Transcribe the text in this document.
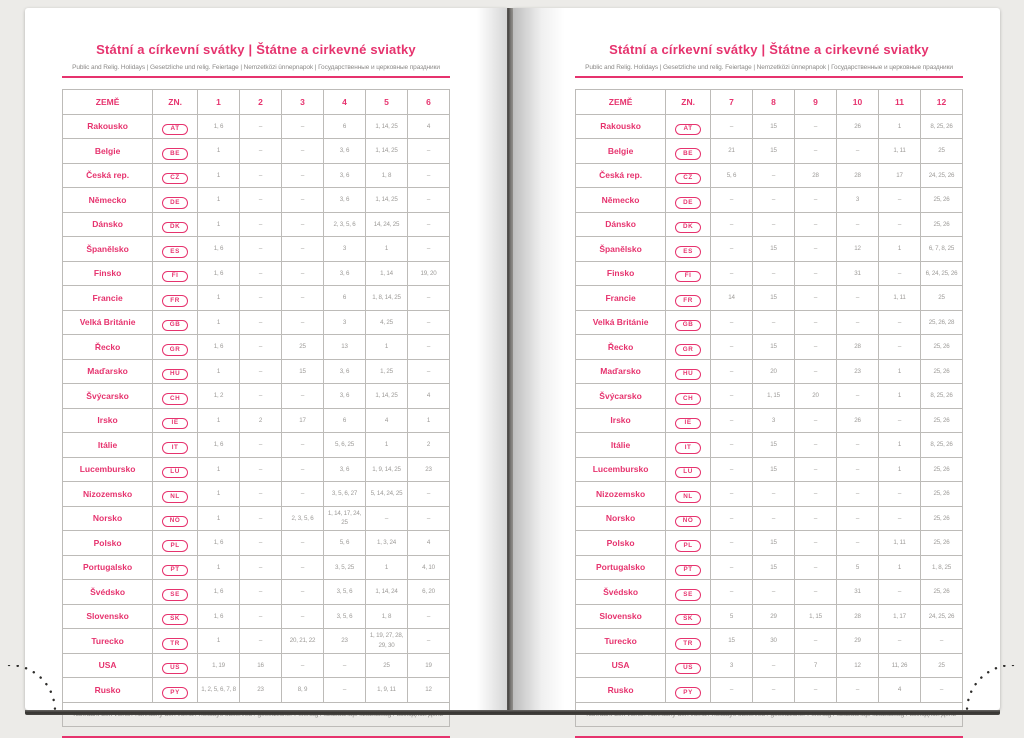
Státní a církevní svátky | Štátne a cirkevné sviatky

Public and Relig. Holidays | Gesetzliche und relig. Feiertage | Nemzetközi ünnepnapok | Государственные и церковные праздники

ZEMĚ	ZN.	1	2	3	4	5	6
Rakousko	AT	1, 6	–	–	6	1, 14, 25	4
Belgie	BE	1	–	–	3, 6	1, 14, 25	–
Česká rep.	CZ	1	–	–	3, 6	1, 8	–
Německo	DE	1	–	–	3, 6	1, 14, 25	–
Dánsko	DK	1	–	–	2, 3, 5, 6	14, 24, 25	–
Španělsko	ES	1, 6	–	–	3	1	–
Finsko	FI	1, 6	–	–	3, 6	1, 14	19, 20
Francie	FR	1	–	–	6	1, 8, 14, 25	–
Velká Británie	GB	1	–	–	3	4, 25	–
Řecko	GR	1, 6	–	25	13	1	–
Maďarsko	HU	1	–	15	3, 6	1, 25	–
Švýcarsko	CH	1, 2	–	–	3, 6	1, 14, 25	4
Irsko	IE	1	2	17	6	4	1
Itálie	IT	1, 6	–	–	5, 6, 25	1	2
Lucembursko	LU	1	–	–	3, 6	1, 9, 14, 25	23
Nizozemsko	NL	1	–	–	3, 5, 6, 27	5, 14, 24, 25	–
Norsko	NO	1	–	2, 3, 5, 6	1, 14, 17, 24, 25	–	–
Polsko	PL	1, 6	–	–	5, 6	1, 3, 24	4
Portugalsko	PT	1	–	–	3, 5, 25	1	4, 10
Švédsko	SE	1, 6	–	–	3, 5, 6	1, 14, 24	6, 20
Slovensko	SK	1, 6	–	–	3, 5, 6	1, 8	–
Turecko	TR	1	–	20, 21, 22	23	1, 19, 27, 28, 29, 30	–
USA	US	1, 19	16	–	–	25	19
Rusko	PY	1, 2, 5, 6, 7, 8	23	8, 9	–	1, 9, 11	12

Státní a církevní svátky | Štátne a cirkevné sviatky

Public and Relig. Holidays | Gesetzliche und relig. Feiertage | Nemzetközi ünnepnapok | Государственные и церковные праздники

ZEMĚ	ZN.	7	8	9	10	11	12
Rakousko	AT	–	15	–	26	1	8, 25, 26
Belgie	BE	21	15	–	–	1, 11	25
Česká rep.	CZ	5, 6	–	28	28	17	24, 25, 26
Německo	DE	–	–	–	3	–	25, 26
Dánsko	DK	–	–	–	–	–	25, 26
Španělsko	ES	–	15	–	12	1	6, 7, 8, 25
Finsko	FI	–	–	–	31	–	6, 24, 25, 26
Francie	FR	14	15	–	–	1, 11	25
Velká Británie	GB	–	–	–	–	–	25, 26, 28
Řecko	GR	–	15	–	28	–	25, 26
Maďarsko	HU	–	20	–	23	1	25, 26
Švýcarsko	CH	–	1, 15	20	–	1	8, 25, 26
Irsko	IE	–	3	–	26	–	25, 26
Itálie	IT	–	15	–	–	1	8, 25, 26
Lucembursko	LU	–	15	–	–	1	25, 26
Nizozemsko	NL	–	–	–	–	–	25, 26
Norsko	NO	–	–	–	–	–	25, 26
Polsko	PL	–	15	–	–	1, 11	25, 26
Portugalsko	PT	–	15	–	5	1	1, 8, 25
Švédsko	SE	–	–	–	31	–	25, 26
Slovensko	SK	5	29	1, 15	28	1, 17	24, 25, 26
Turecko	TR	15	30	–	29	–	–
USA	US	3	–	7	12	11, 26	25
Rusko	PY	–	–	–	–	4	–
